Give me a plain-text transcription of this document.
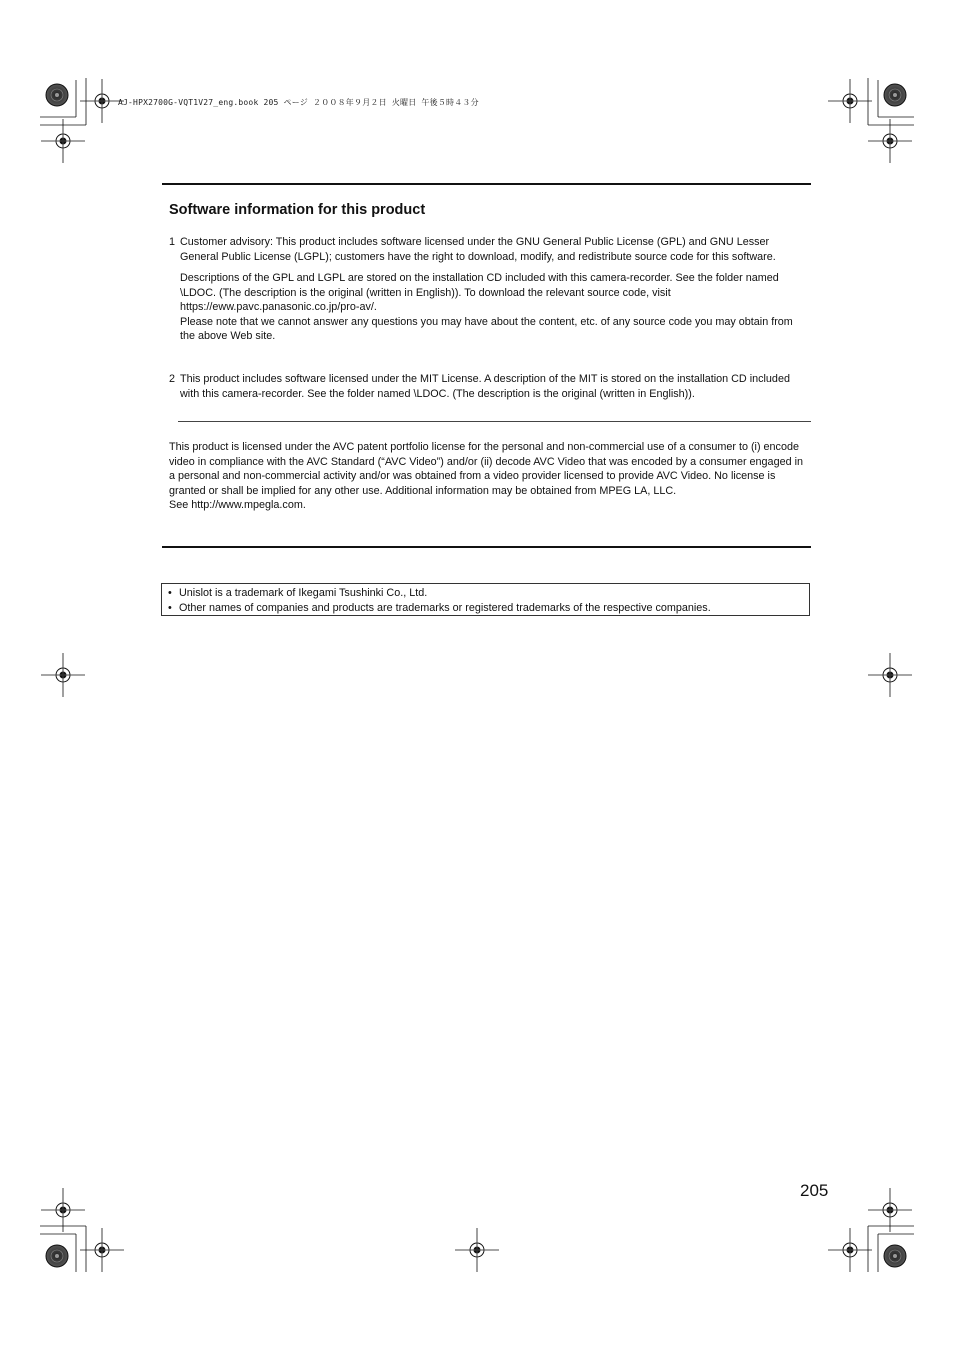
AJ-HPX2700G-VQT1V27_eng.book 205 ページ ２００８年９月２日 火曜日 午後５時４３分
Software information for this product
1 Customer advisory: This product includes software licensed under the GNU General Public License (GPL) and GNU Lesser General Public License (LGPL); customers have the right to download, modify, and redistribute source code for this software.

Descriptions of the GPL and LGPL are stored on the installation CD included with this camera-recorder. See the folder named \LDOC. (The description is the original (written in English)). To download the relevant source code, visit https://eww.pavc.panasonic.co.jp/pro-av/.

Please note that we cannot answer any questions you may have about the content, etc. of any source code you may obtain from the above Web site.

2 This product includes software licensed under the MIT License. A description of the MIT is stored on the installation CD included with this camera-recorder. See the folder named \LDOC. (The description is the original (written in English)).

This product is licensed under the AVC patent portfolio license for the personal and non-commercial use of a consumer to (i) encode video in compliance with the AVC Standard (“AVC Video”) and/or (ii) decode AVC Video that was encoded by a consumer engaged in a personal and non-commercial activity and/or was obtained from a video provider licensed to provide AVC Video. No license is granted or shall be implied for any other use. Additional information may be obtained from MPEG LA, LLC.

See http://www.mpegla.com.

• Unislot is a trademark of Ikegami Tsushinki Co., Ltd.
• Other names of companies and products are trademarks or registered trademarks of the respective companies.
205
